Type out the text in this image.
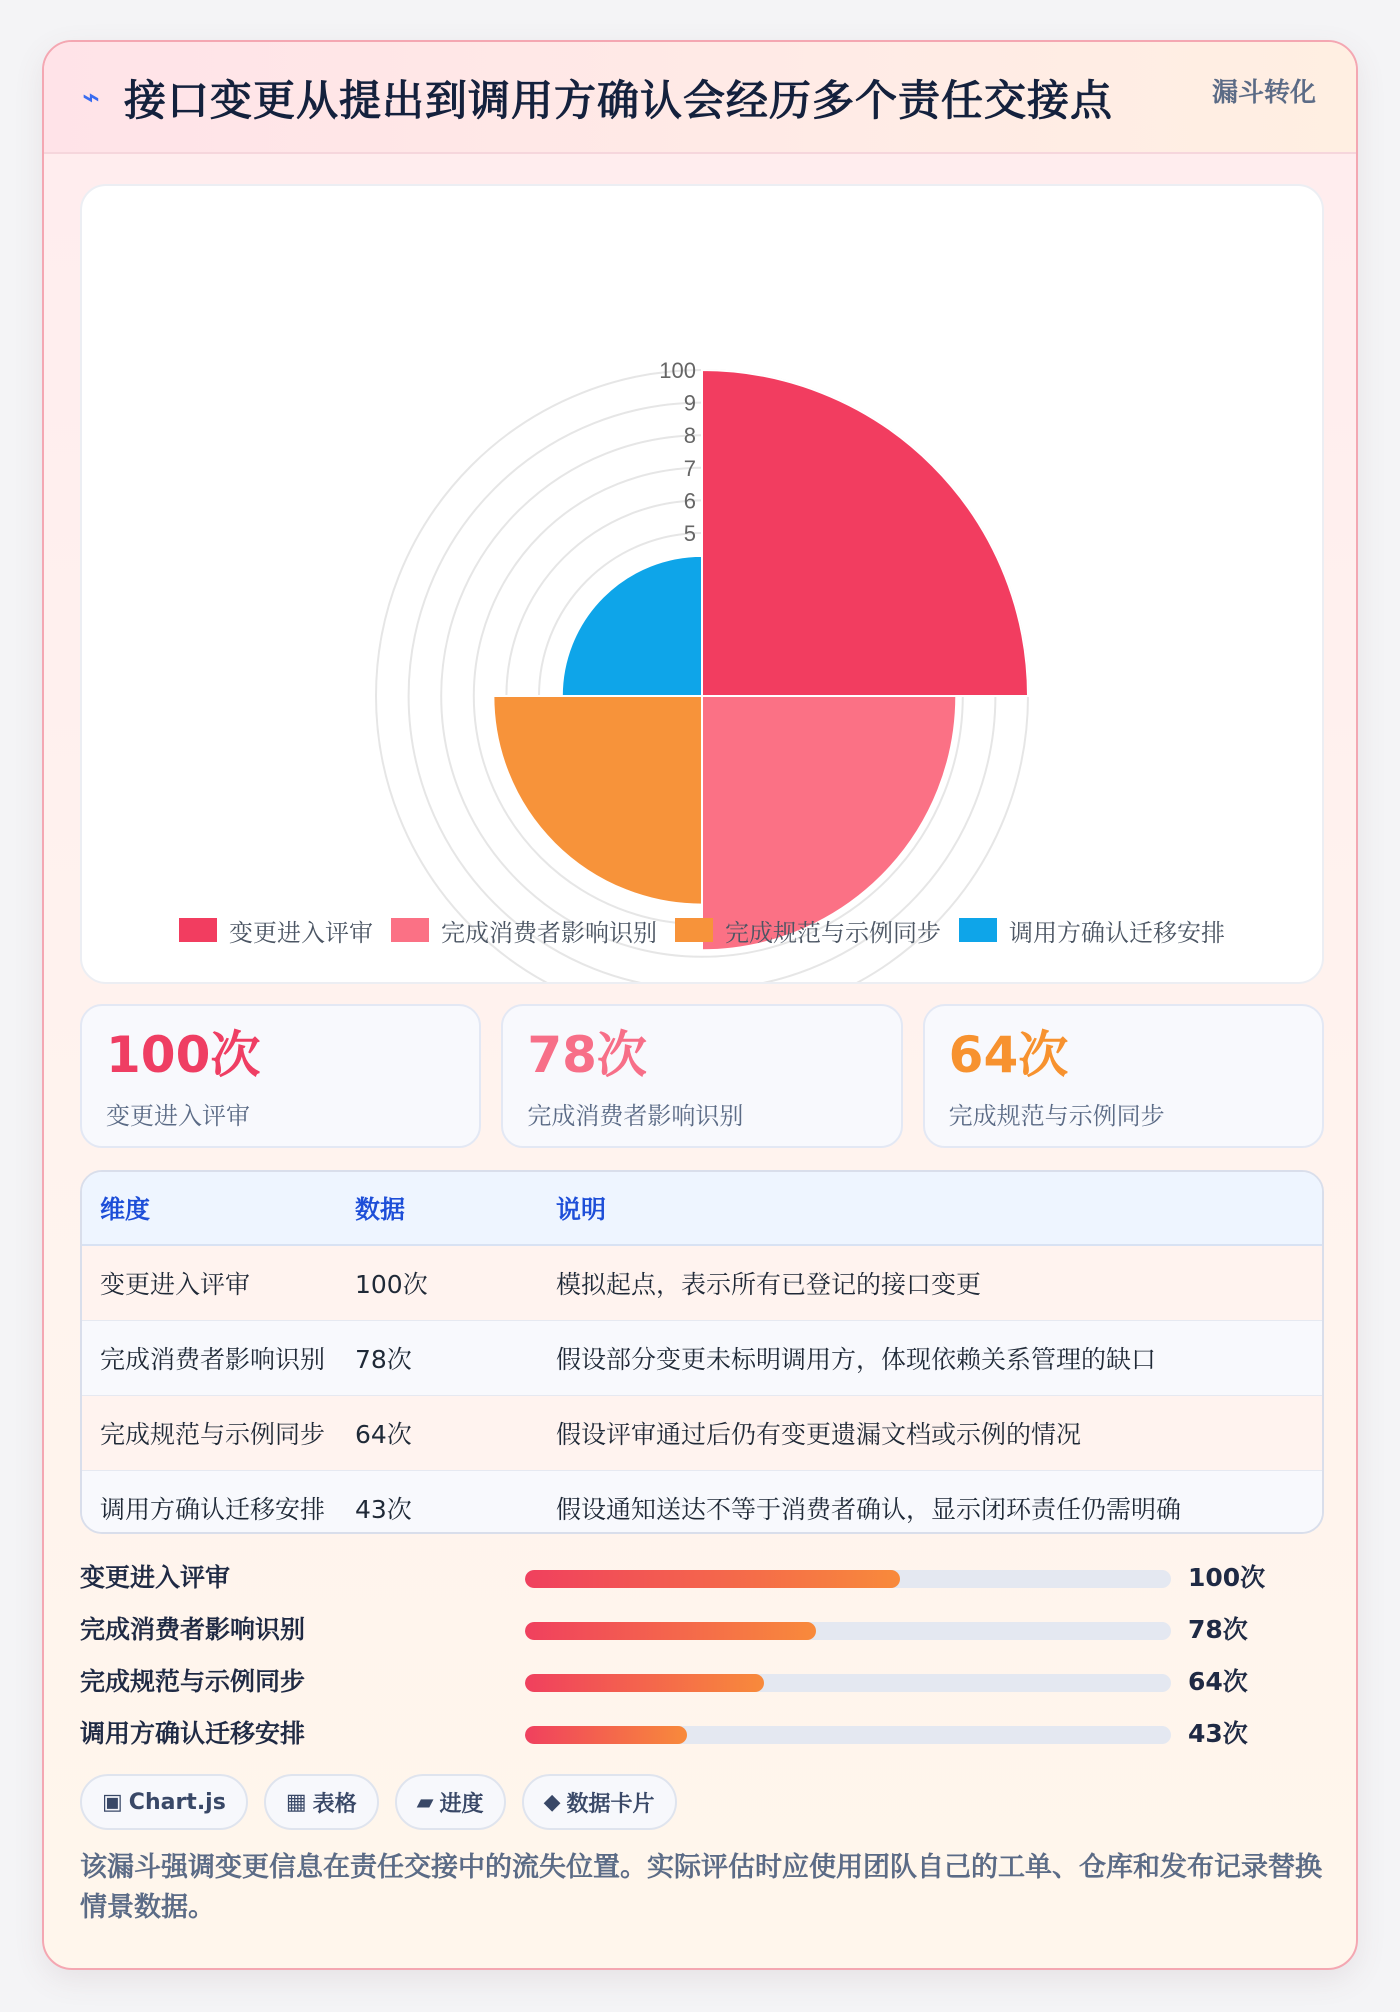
⌁ 接口变更从提出到调用方确认会经历多个责任交接点	漏斗转化
5
6
7
8
9
100
变更进入评审	完成消费者影响识别	完成规范与示例同步	调用方确认迁移安排
100次
变更进入评审
78次
完成消费者影响识别
64次
完成规范与示例同步
维度	数据	说明
变更进入评审	100次	模拟起点，表示所有已登记的接口变更
完成消费者影响识别	78次	假设部分变更未标明调用方，体现依赖关系管理的缺口
完成规范与示例同步	64次	假设评审通过后仍有变更遗漏文档或示例的情况
调用方确认迁移安排	43次	假设通知送达不等于消费者确认，显示闭环责任仍需明确
变更进入评审	100次
完成消费者影响识别	78次
完成规范与示例同步	64次
调用方确认迁移安排	43次
▣ Chart.js	▦ 表格	▰ 进度	◆ 数据卡片
该漏斗强调变更信息在责任交接中的流失位置。实际评估时应使用团队自己的工单、仓库和发布记录替换情景数据。
